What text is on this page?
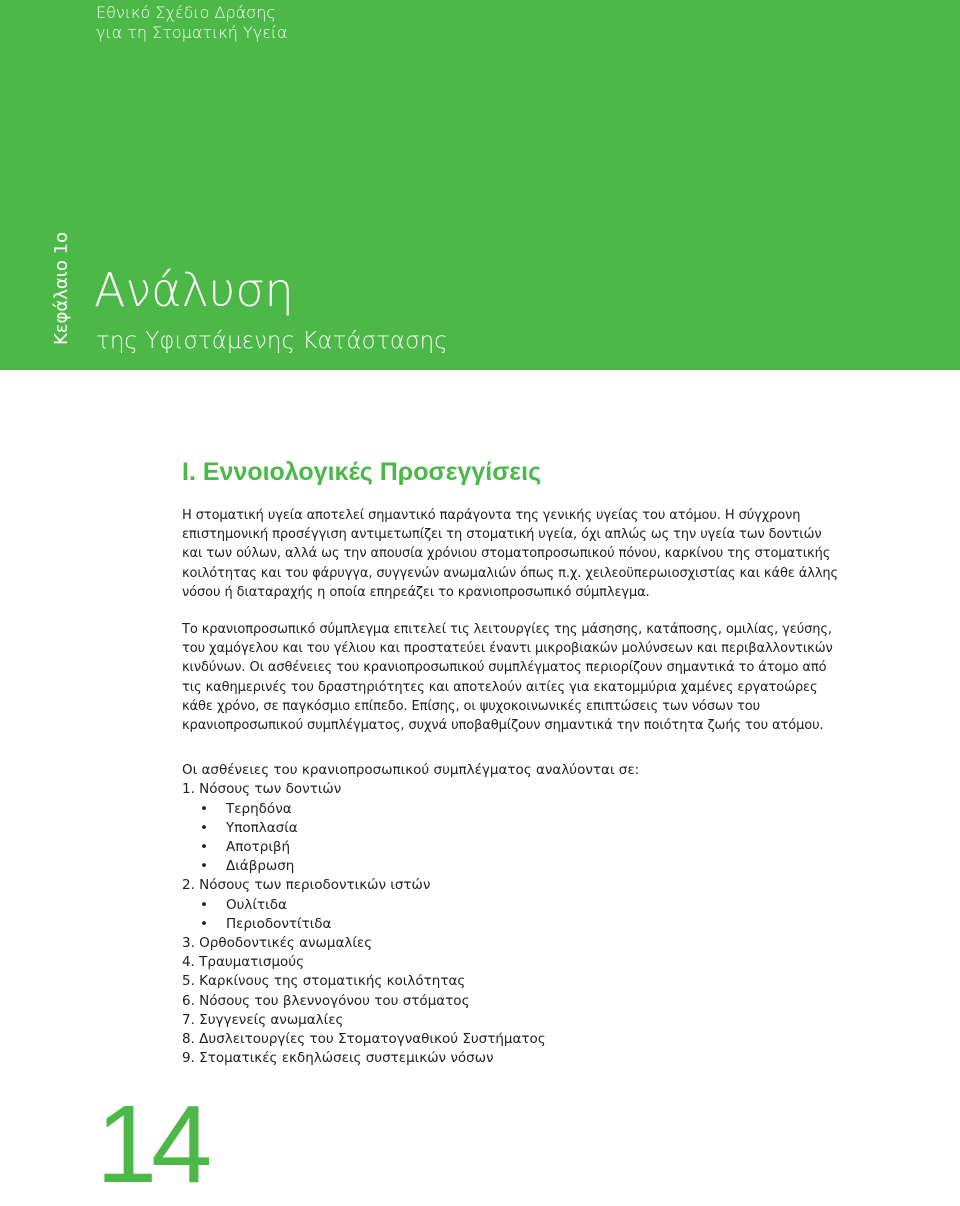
Εθνικό Σχέδιο Δράσης
για τη Στοματική Υγεία
Κεφάλαιο 1ο Ανάλυση
της Υφιστάμενης Κατάστασης
Ι. Εννοιολογικές Προσεγγίσεις

Η στοματική υγεία αποτελεί σημαντικό παράγοντα της γενικής υγείας του ατόμου. Η σύγχρονη επιστημονική προσέγγιση αντιμετωπίζει τη στοματική υγεία, όχι απλώς ως την υγεία των δοντιών και των ούλων, αλλά ως την απουσία χρόνιου στοματοπροσωπικού πόνου, καρκίνου της στοματικής κοιλότητας και του φάρυγγα, συγγενών ανωμαλιών όπως π.χ. χειλεοϋπερωιοσχιστίας και κάθε άλλης νόσου ή διαταραχής η οποία επηρεάζει το κρανιοπροσωπικό σύμπλεγμα.

Το κρανιοπροσωπικό σύμπλεγμα επιτελεί τις λειτουργίες της μάσησης, κατάποσης, ομιλίας, γεύσης, του χαμόγελου και του γέλιου και προστατεύει έναντι μικροβιακών μολύνσεων και περιβαλλοντικών κινδύνων. Οι ασθένειες του κρανιοπροσωπικού συμπλέγματος περιορίζουν σημαντικά το άτομο από τις καθημερινές του δραστηριότητες και αποτελούν αιτίες για εκατομμύρια χαμένες εργατοώρες κάθε χρόνο, σε παγκόσμιο επίπεδο. Επίσης, οι ψυχοκοινωνικές επιπτώσεις των νόσων του κρανιοπροσωπικού συμπλέγματος, συχνά υποβαθμίζουν σημαντικά την ποιότητα ζωής του ατόμου.

Οι ασθένειες του κρανιοπροσωπικού συμπλέγματος αναλύονται σε:

1. Νόσους των δοντιών
• Τερηδόνα
• Υποπλασία
• Αποτριβή
• Διάβρωση
2. Νόσους των περιοδοντικών ιστών
• Ουλίτιδα
• Περιοδοντίτιδα
3. Ορθοδοντικές ανωμαλίες
4. Τραυματισμούς
5. Καρκίνους της στοματικής κοιλότητας
6. Νόσους του βλεννογόνου του στόματος
7. Συγγενείς ανωμαλίες
8. Δυσλειτουργίες του Στοματογναθικού Συστήματος
9. Στοματικές εκδηλώσεις συστεμικών νόσων
14
